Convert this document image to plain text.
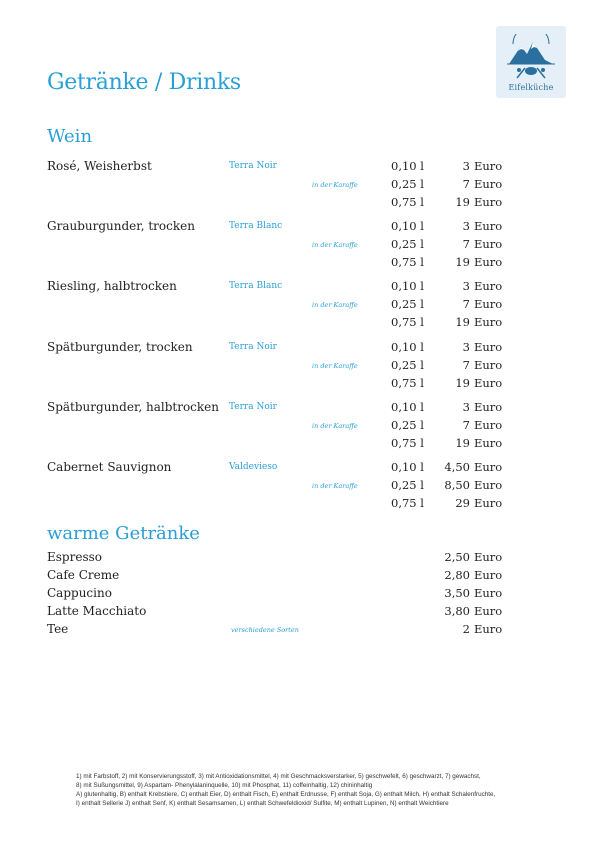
Eifelküche
Getränke / Drinks
Wein
Rosé, Weisherbst	Terra Noir	0,10 l	3 Euro
in der Karaffe	0,25 l	7 Euro
0,75 l	19 Euro
Grauburgunder, trocken	Terra Blanc	0,10 l	3 Euro
in der Karaffe	0,25 l	7 Euro
0,75 l	19 Euro
Riesling, halbtrocken	Terra Blanc	0,10 l	3 Euro
in der Karaffe	0,25 l	7 Euro
0,75 l	19 Euro
Spätburgunder, trocken	Terra Noir	0,10 l	3 Euro
in der Karaffe	0,25 l	7 Euro
0,75 l	19 Euro
Spätburgunder, halbtrocken Terra Noir	0,10 l	3 Euro
in der Karaffe	0,25 l	7 Euro
0,75 l	19 Euro
Cabernet Sauvignon	Valdevieso	0,10 l 4,50 Euro
in der Karaffe	0,25 l 8,50 Euro
0,75 l	29 Euro
warme Getränke
Espresso	2,50 Euro
Cafe Creme	2,80 Euro
Cappucino	3,50 Euro
Latte Macchiato	3,80 Euro
Tee	verschiedene Sorten	2 Euro
1) mit Farbstoff, 2) mit Konservierungsstoff, 3) mit Antioxidationsmittel, 4) mit Geschmacksverstarker, 5) geschwefelt, 6) geschwarzt, 7) gewachst,
8) mit Sußungsmittel, 9) Aspartam- Phenylalaninquelle, 10) mit Phosphat, 11) coffeinhaltig, 12) chininhaltig
A) glutenhaltig, B) enthalt Krebstiere, C) enthalt Eier, D) enthalt Fisch, E) enthalt Erdnusse, F) enthalt Soja, G) enthalt Milch, H) enthalt Schalenfruchte,
I) enthalt Sellerie J) enthalt Senf, K) enthalt Sesamsamen, L) enthalt Schwefeldioxid/ Sulfite, M) enthalt Lupinen, N) enthalt Weichtiere
